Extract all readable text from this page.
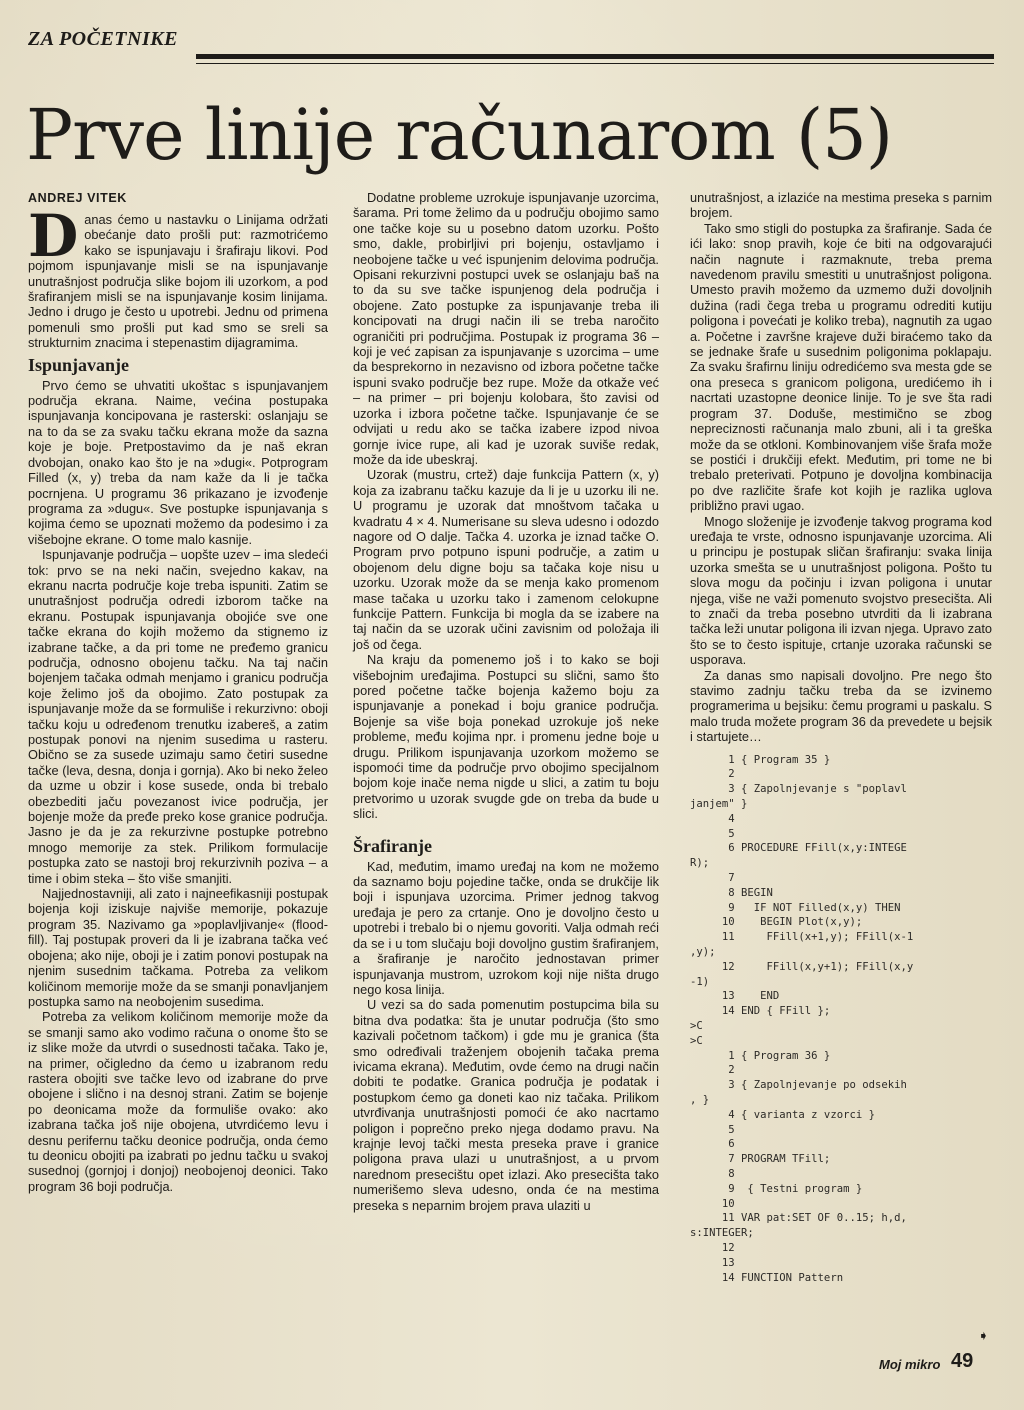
ZA POČETNIKE
Prve linije računarom (5)
ANDREJ VITEK

Danas ćemo u nastavku o Linijama održati obećanje dato prošli put: razmotrićemo kako se ispunjavaju i šrafiraju likovi. Pod pojmom ispunjavanje misli se na ispunjavanje unutrašnjost područja slike bojom ili uzorkom, a pod šrafiranjem misli se na ispunjavanje kosim linijama. Jedno i drugo je često u upotrebi. Jednu od primena pomenuli smo prošli put kad smo se sreli sa strukturnim znacima i stepenastim dijagramima.

Ispunjavanje

Prvo ćemo se uhvatiti ukoštac s ispunjavanjem područja ekrana. Naime, većina postupaka ispunjavanja koncipovana je rasterski: oslanjaju se na to da se za svaku tačku ekrana može da sazna koje je boje. Pretpostavimo da je naš ekran dvobojan, onako kao što je na »dugi«. Potprogram Filled (x, y) treba da nam kaže da li je tačka pocrnjena. U programu 36 prikazano je izvođenje programa za »dugu«. Sve postupke ispunjavanja s kojima ćemo se upoznati možemo da podesimo i za višebojne ekrane. O tome malo kasnije.

Ispunjavanje područja – uopšte uzev – ima sledeći tok: prvo se na neki način, svejedno kakav, na ekranu nacrta područje koje treba ispuniti. Zatim se unutrašnjost područja odredi izborom tačke na ekranu. Postupak ispunjavanja obojiće sve one tačke ekrana do kojih možemo da stignemo iz izabrane tačke, a da pri tome ne pređemo granicu područja, odnosno obojenu tačku. Na taj način bojenjem tačaka odmah menjamo i granicu područja koje želimo još da obojimo. Zato postupak za ispunjavanje može da se formuliše i rekurzivno: oboji tačku koju u određenom trenutku izabereš, a zatim postupak ponovi na njenim susedima u rasteru. Obično se za susede uzimaju samo četiri susedne tačke (leva, desna, donja i gornja). Ako bi neko želeo da uzme u obzir i kose susede, onda bi trebalo obezbediti jaču povezanost ivice područja, jer bojenje može da pređe preko kose granice područja. Jasno je da je za rekurzivne postupke potrebno mnogo memorije za stek. Prilikom formulacije postupka zato se nastoji broj rekurzivnih poziva – a time i obim steka – što više smanjiti.

Najjednostavniji, ali zato i najneefikasniji postupak bojenja koji iziskuje najviše memorije, pokazuje program 35. Nazivamo ga »poplavljivanje« (flood-fill). Taj postupak proveri da li je izabrana tačka već obojena; ako nije, oboji je i zatim ponovi postupak na njenim susednim tačkama. Potreba za velikom količinom memorije može da se smanji ponavljanjem postupka samo na neobojenim susedima.

Potreba za velikom količinom memorije može da se smanji samo ako vodimo računa o onome što se iz slike može da utvrdi o susednosti tačaka. Tako je, na primer, očigledno da ćemo u izabranom redu rastera obojiti sve tačke levo od izabrane do prve obojene i slično i na desnoj strani. Zatim se bojenje po deonicama može da formuliše ovako: ako izabrana tačka još nije obojena, utvrdićemo levu i desnu perifernu tačku deonice područja, onda ćemo tu deonicu obojiti pa izabrati po jednu tačku u svakoj susednoj (gornjoj i donjoj) neobojenoj deonici. Tako program 36 boji područja.

Dodatne probleme uzrokuje ispunjavanje uzorcima, šarama. Pri tome želimo da u području obojimo samo one tačke koje su u posebno datom uzorku. Pošto smo, dakle, probirljivi pri bojenju, ostavljamo i neobojene tačke u već ispunjenim delovima područja. Opisani rekurzivni postupci uvek se oslanjaju baš na to da su sve tačke ispunjenog dela područja i obojene. Zato postupke za ispunjavanje treba ili koncipovati na drugi način ili se treba naročito ograničiti pri područjima. Postupak iz programa 36 – koji je već zapisan za ispunjavanje s uzorcima – ume da besprekorno in nezavisno od izbora početne tačke ispuni svako područje bez rupe. Može da otkaže već – na primer – pri bojenju kolobara, što zavisi od uzorka i izbora početne tačke. Ispunjavanje će se odvijati u redu ako se tačka izabere izpod nivoa gornje ivice rupe, ali kad je uzorak suviše redak, može da ide ubeskraj.

Uzorak (mustru, crtež) daje funkcija Pattern (x, y) koja za izabranu tačku kazuje da li je u uzorku ili ne. U programu je uzorak dat mnoštvom tačaka u kvadratu 4 × 4. Numerisane su sleva udesno i odozdo nagore od O dalje. Tačka 4. uzorka je iznad tačke O. Program prvo potpuno ispuni područje, a zatim u obojenom delu digne boju sa tačaka koje nisu u uzorku. Uzorak može da se menja kako promenom mase tačaka u uzorku tako i zamenom celokupne funkcije Pattern. Funkcija bi mogla da se izabere na taj način da se uzorak učini zavisnim od položaja ili još od čega.

Na kraju da pomenemo još i to kako se boji višebojnim uređajima. Postupci su slični, samo što pored početne tačke bojenja kažemo boju za ispunjavanje a ponekad i boju granice područja. Bojenje sa više boja ponekad uzrokuje još neke probleme, među kojima npr. i promenu jedne boje u drugu. Prilikom ispunjavanja uzorkom možemo se ispomoći time da područje prvo obojimo specijalnom bojom koje inače nema nigde u slici, a zatim tu boju pretvorimo u uzorak svugde gde on treba da bude u slici.

Šrafiranje

Kad, međutim, imamo uređaj na kom ne možemo da saznamo boju pojedine tačke, onda se drukčije lik boji i ispunjava uzorcima. Primer jednog takvog uređaja je pero za crtanje. Ono je dovoljno često u upotrebi i trebalo bi o njemu govoriti. Valja odmah reći da se i u tom slučaju boji dovoljno gustim šrafiranjem, a šrafiranje je naročito jednostavan primer ispunjavanja mustrom, uzrokom koji nije ništa drugo nego kosa linija.

U vezi sa do sada pomenutim postupcima bila su bitna dva podatka: šta je unutar područja (što smo kazivali početnom tačkom) i gde mu je granica (šta smo određivali traženjem obojenih tačaka prema ivicama ekrana). Međutim, ovde ćemo na drugi način dobiti te podatke. Granica područja je podatak i postupkom ćemo ga doneti kao niz tačaka. Prilikom utvrđivanja unutrašnjosti pomoći će ako nacrtamo poligon i poprečno preko njega dodamo pravu. Na krajnje levoj tački mesta preseka prave i granice poligona prava ulazi u unutrašnjost, a u prvom narednom presecištu opet izlazi. Ako presecišta tako numerišemo sleva udesno, onda će na mestima preseka s neparnim brojem prava ulaziti u

unutrašnjost, a izlaziće na mestima preseka s parnim brojem.

Tako smo stigli do postupka za šrafiranje. Sada će ići lako: snop pravih, koje će biti na odgovarajući način nagnute i razmaknute, treba prema navedenom pravilu smestiti u unutrašnjost poligona. Umesto pravih možemo da uzmemo duži dovoljnih dužina (radi čega treba u programu odrediti kutiju poligona i povećati je koliko treba), nagnutih za ugao a. Početne i završne krajeve duži biraćemo tako da se jednake šrafe u susednim poligonima poklapaju. Za svaku šrafirnu liniju odredićemo sva mesta gde se ona preseca s granicom poligona, uredićemo ih i nacrtati uzastopne deonice linije. To je sve šta radi program 37. Doduše, mestimično se zbog nepreciznosti računanja malo zbuni, ali i ta greška može da se otkloni. Kombinovanjem više šrafa može se postići i drukčiji efekt. Međutim, pri tome ne bi trebalo preterivati. Potpuno je dovoljna kombinacija po dve različite šrafe kot kojih je razlika uglova približno pravi ugao.

Mnogo složenije je izvođenje takvog programa kod uređaja te vrste, odnosno ispunjavanje uzorcima. Ali u principu je postupak sličan šrafiranju: svaka linija uzorka smešta se u unutrašnjost poligona. Pošto tu slova mogu da počinju i izvan poligona i unutar njega, više ne važi pomenuto svojstvo presecišta. Ali to znači da treba posebno utvrditi da li izabrana tačka leži unutar poligona ili izvan njega. Upravo zato što se to često ispituje, crtanje uzoraka računski se usporava.

Za danas smo napisali dovoljno. Pre nego što stavimo zadnju tačku treba da se izvinemo programerima u bejsiku: čemu programi u paskalu. S malo truda možete program 36 da prevedete u bejsik i startujete…

1 { Program 35 }
2
3 { Zapolnjevanje s "poplavl
janjem" }
4
5
6 PROCEDURE FFill(x,y:INTEGE
R);
7
8 BEGIN
9   IF NOT Filled(x,y) THEN
10    BEGIN Plot(x,y);
11     FFill(x+1,y); FFill(x-1
,y);
12     FFill(x,y+1); FFill(x,y
-1)
13    END
14 END { FFill };
>C
>C
1 { Program 36 }
2
3 { Zapolnjevanje po odsekih
, }
4 { varianta z vzorci }
5
6
7 PROGRAM TFill;
8
9  { Testni program }
10
11 VAR pat:SET OF 0..15; h,d,
s:INTEGER;
12
13
14 FUNCTION Pattern
➧
Moj mikro 49
